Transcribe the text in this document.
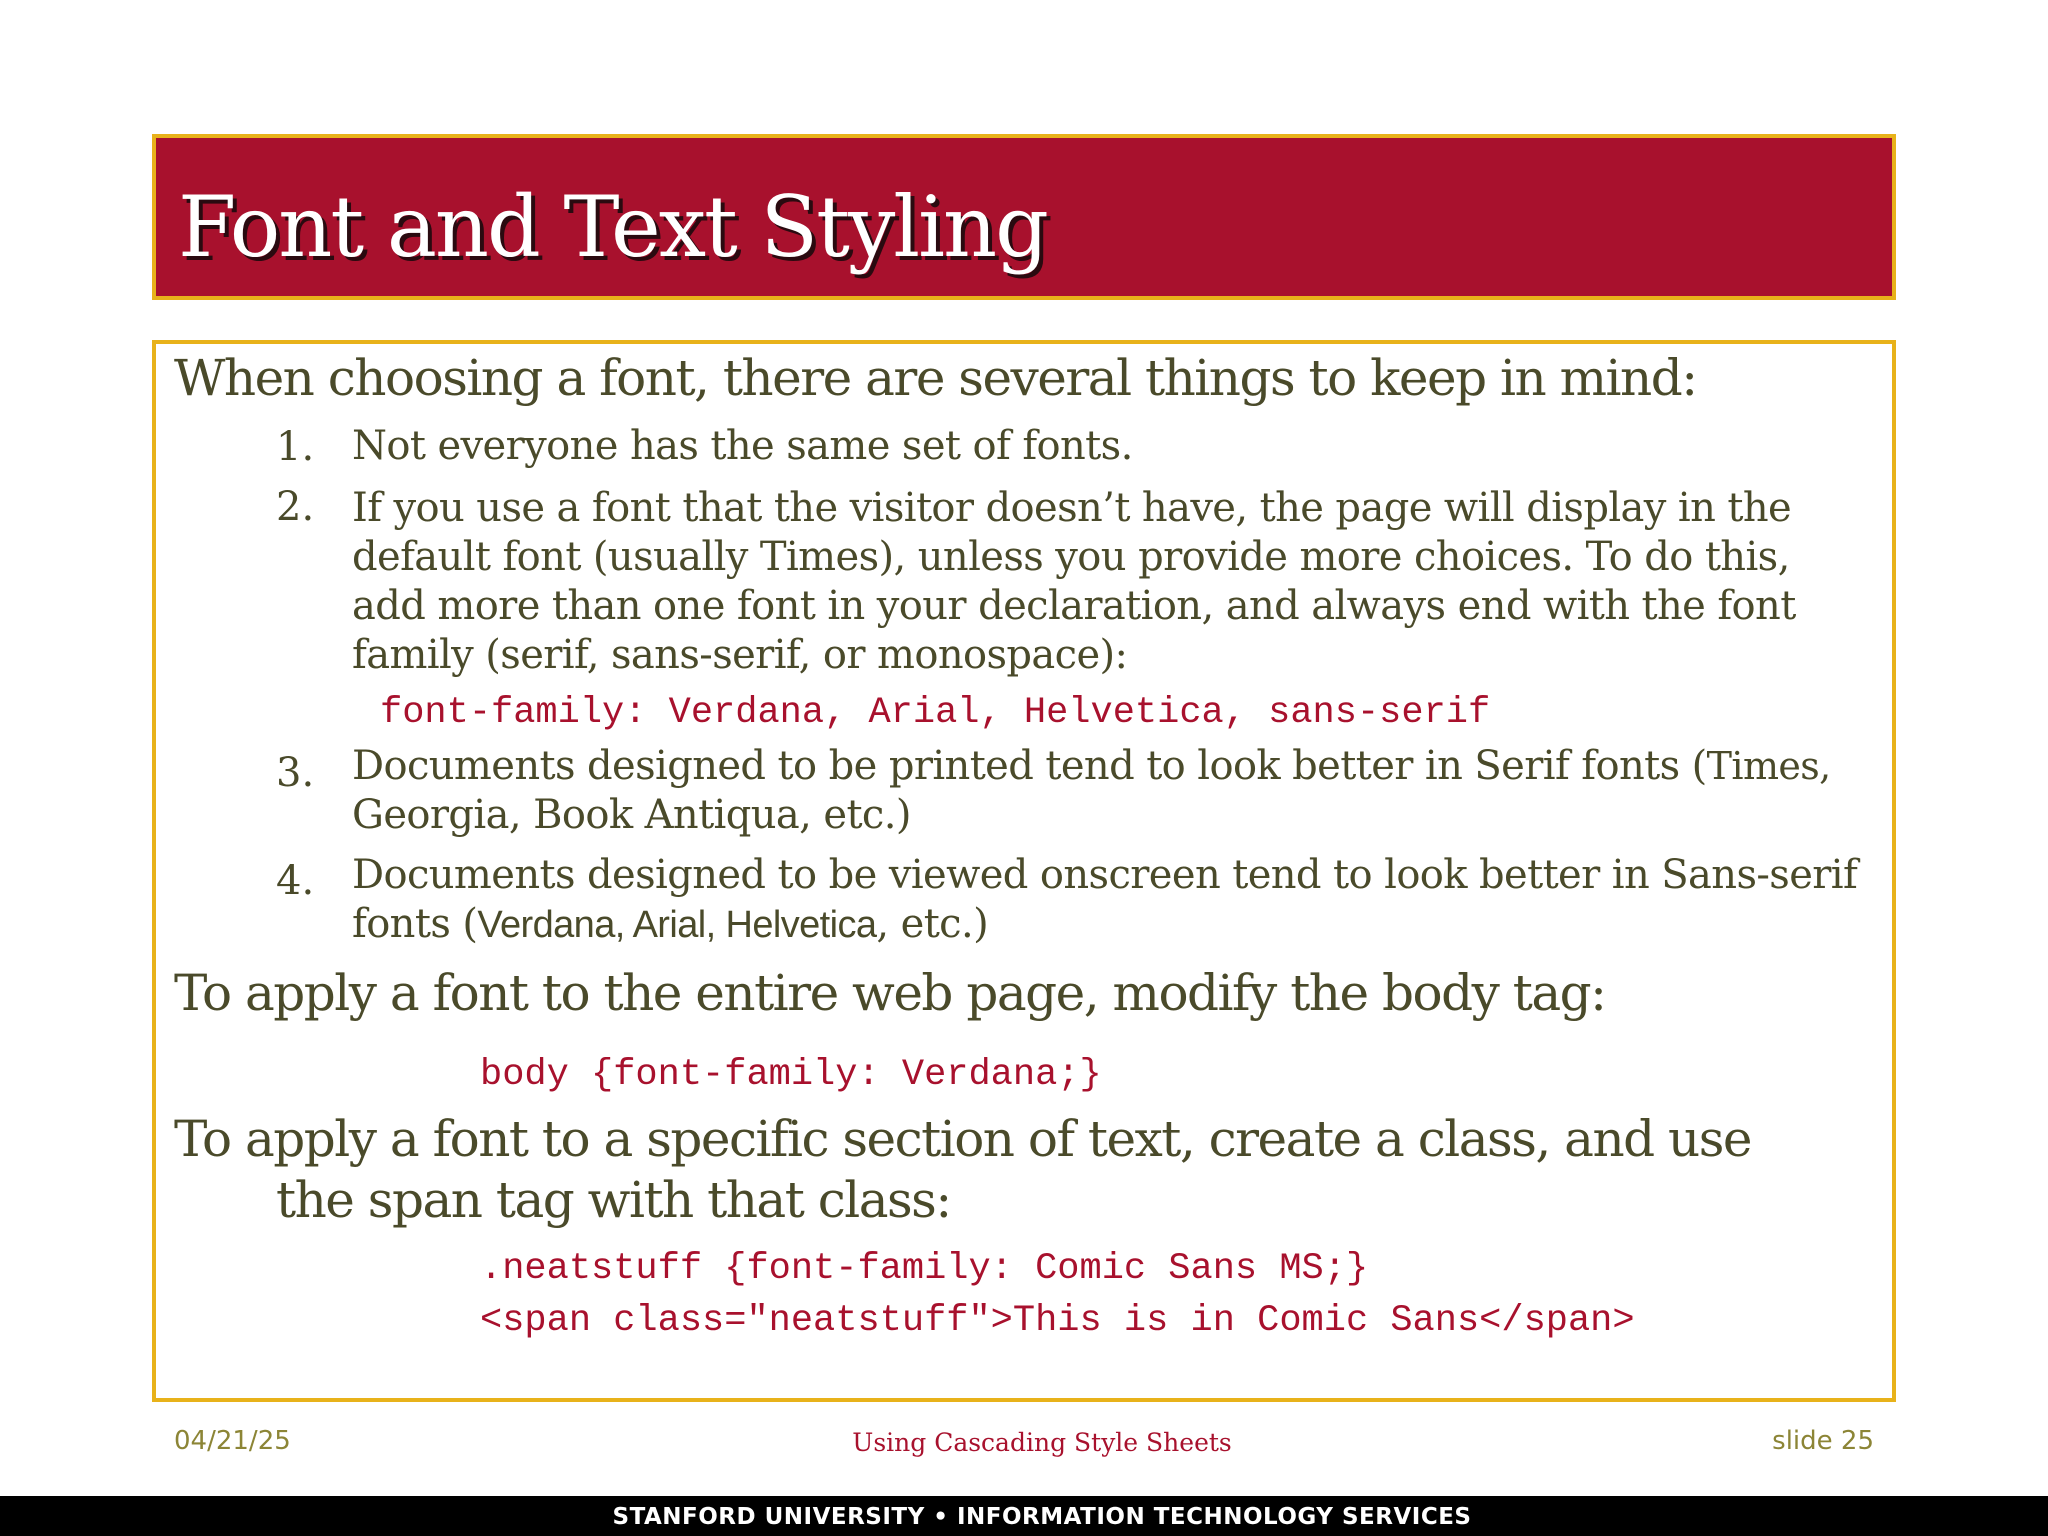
Font and Text Styling
When choosing a font, there are several things to keep in mind:
1. Not everyone has the same set of fonts.
2. If you use a font that the visitor doesn’t have, the page will display in the
default font (usually Times), unless you provide more choices. To do this,
add more than one font in your declaration, and always end with the font
family (serif, sans-serif, or monospace):
font-family: Verdana, Arial, Helvetica, sans-serif
3. Documents designed to be printed tend to look better in Serif fonts (Times,
Georgia, Book Antiqua, etc.)
4. Documents designed to be viewed onscreen tend to look better in Sans-serif
fonts (Verdana, Arial, Helvetica, etc.)
To apply a font to the entire web page, modify the body tag:
body {font-family: Verdana;}
To apply a font to a specific section of text, create a class, and use
the span tag with that class:
.neatstuff {font-family: Comic Sans MS;}
<span class="neatstuff">This is in Comic Sans</span>
04/21/25	Using Cascading Style Sheets	slide 25
STANFORD UNIVERSITY • INFORMATION TECHNOLOGY SERVICES
